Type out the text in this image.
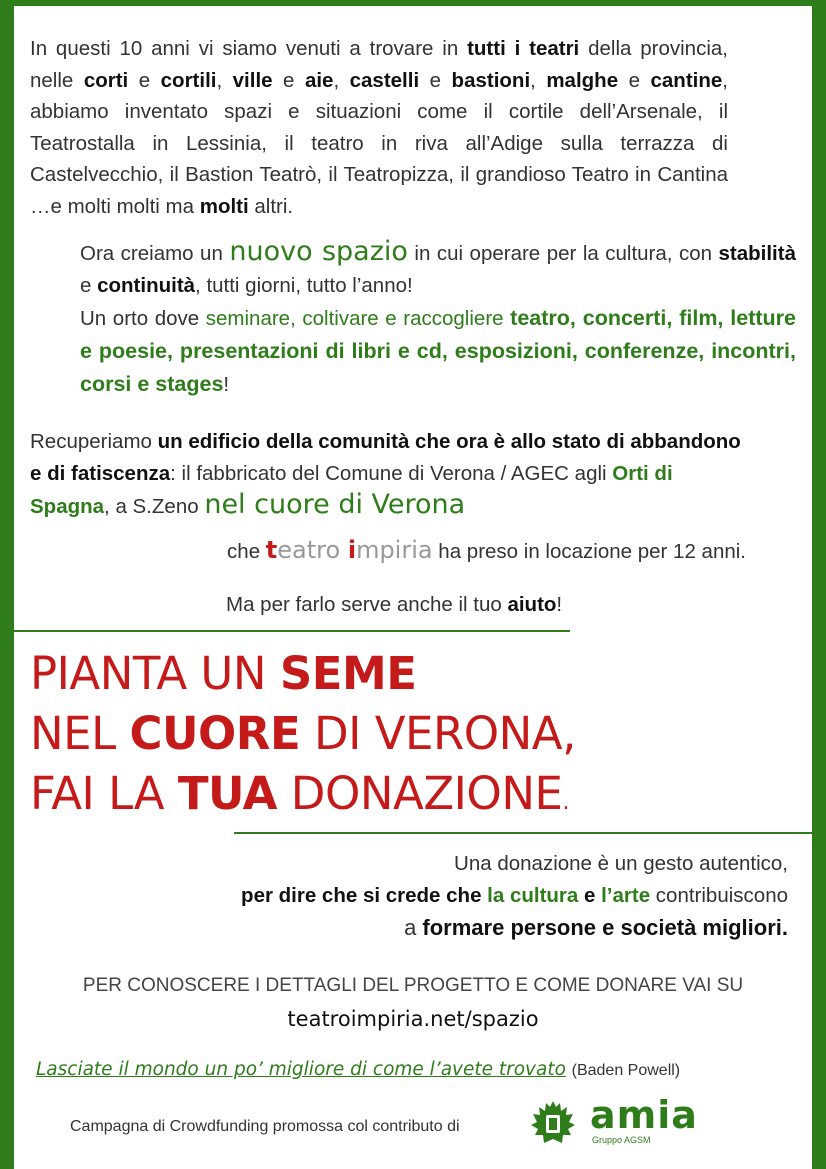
In questi 10 anni vi siamo venuti a trovare in tutti i teatri della provincia, nelle corti e cortili, ville e aie, castelli e bastioni, malghe e cantine, abbiamo inventato spazi e situazioni come il cortile dell’Arsenale, il Teatrostalla in Lessinia, il teatro in riva all’Adige sulla terrazza di Castelvecchio, il Bastion Teatrò, il Teatropizza, il grandioso Teatro in Cantina …e molti molti ma molti altri.

Ora creiamo un nuovo spazio in cui operare per la cultura, con stabilità e continuità, tutti giorni, tutto l’anno!
Un orto dove seminare, coltivare e raccogliere teatro, concerti, film, letture e poesie, presentazioni di libri e cd, esposizioni, conferenze, incontri, corsi e stages!

Recuperiamo un edificio della comunità che ora è allo stato di abbandono e di fatiscenza: il fabbricato del Comune di Verona / AGEC agli Orti di Spagna, a S.Zeno nel cuore di Verona

che teatro impiria ha preso in locazione per 12 anni.

Ma per farlo serve anche il tuo aiuto!

PIANTA UN SEME
NEL CUORE DI VERONA,
FAI LA TUA DONAZIONE.
Una donazione è un gesto autentico,
per dire che si crede che la cultura e l’arte contribuiscono
a formare persone e società migliori.
PER CONOSCERE I DETTAGLI DEL PROGETTO E COME DONARE VAI SU
teatroimpiria.net/spazio
Lasciate il mondo un po’ migliore di come l’avete trovato (Baden Powell)
Campagna di Crowdfunding promossa col contributo di	amia
Gruppo AGSM
